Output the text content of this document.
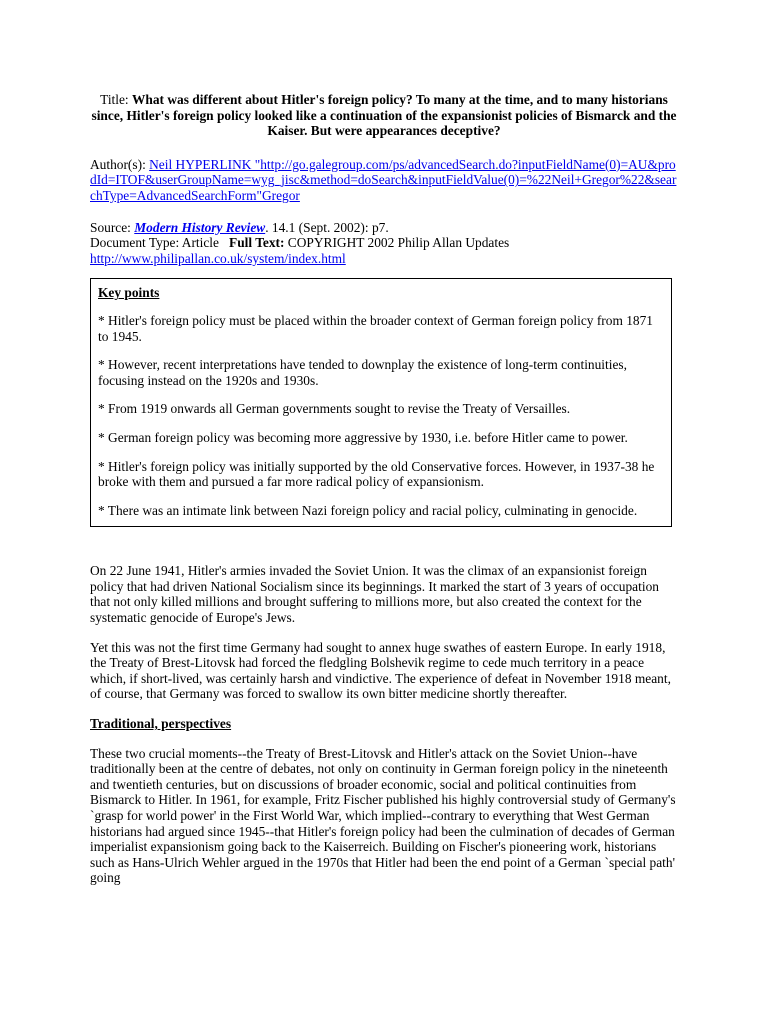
Title: What was different about Hitler's foreign policy? To many at the time, and to many historians since, Hitler's foreign policy looked like a continuation of the expansionist policies of Bismarck and the Kaiser. But were appearances deceptive?
Author(s): Neil HYPERLINK "http://go.galegroup.com/ps/advancedSearch.do?inputFieldName(0)=AU&prodId=ITOF&userGroupName=wyg_jisc&method=doSearch&inputFieldValue(0)=%22Neil+Gregor%22&searchType=AdvancedSearchForm"Gregor
Source: Modern History Review. 14.1 (Sept. 2002): p7.
Document Type: Article Full Text: COPYRIGHT 2002 Philip Allan Updates
http://www.philipallan.co.uk/system/index.html
Key points

* Hitler's foreign policy must be placed within the broader context of German foreign policy from 1871 to 1945.

* However, recent interpretations have tended to downplay the existence of long-term continuities, focusing instead on the 1920s and 1930s.

* From 1919 onwards all German governments sought to revise the Treaty of Versailles.

* German foreign policy was becoming more aggressive by 1930, i.e. before Hitler came to power.

* Hitler's foreign policy was initially supported by the old Conservative forces. However, in 1937-38 he broke with them and pursued a far more radical policy of expansionism.

* There was an intimate link between Nazi foreign policy and racial policy, culminating in genocide.

On 22 June 1941, Hitler's armies invaded the Soviet Union. It was the climax of an expansionist foreign policy that had driven National Socialism since its beginnings. It marked the start of 3 years of occupation that not only killed millions and brought suffering to millions more, but also created the context for the systematic genocide of Europe's Jews.

Yet this was not the first time Germany had sought to annex huge swathes of eastern Europe. In early 1918, the Treaty of Brest-Litovsk had forced the fledgling Bolshevik regime to cede much territory in a peace which, if short-lived, was certainly harsh and vindictive. The experience of defeat in November 1918 meant, of course, that Germany was forced to swallow its own bitter medicine shortly thereafter.

Traditional, perspectives

These two crucial moments--the Treaty of Brest-Litovsk and Hitler's attack on the Soviet Union--have traditionally been at the centre of debates, not only on continuity in German foreign policy in the nineteenth and twentieth centuries, but on discussions of broader economic, social and political continuities from Bismarck to Hitler. In 1961, for example, Fritz Fischer published his highly controversial study of Germany's `grasp for world power' in the First World War, which implied--contrary to everything that West German historians had argued since 1945--that Hitler's foreign policy had been the culmination of decades of German imperialist expansionism going back to the Kaiserreich. Building on Fischer's pioneering work, historians such as Hans-Ulrich Wehler argued in the 1970s that Hitler had been the end point of a German `special path' going
